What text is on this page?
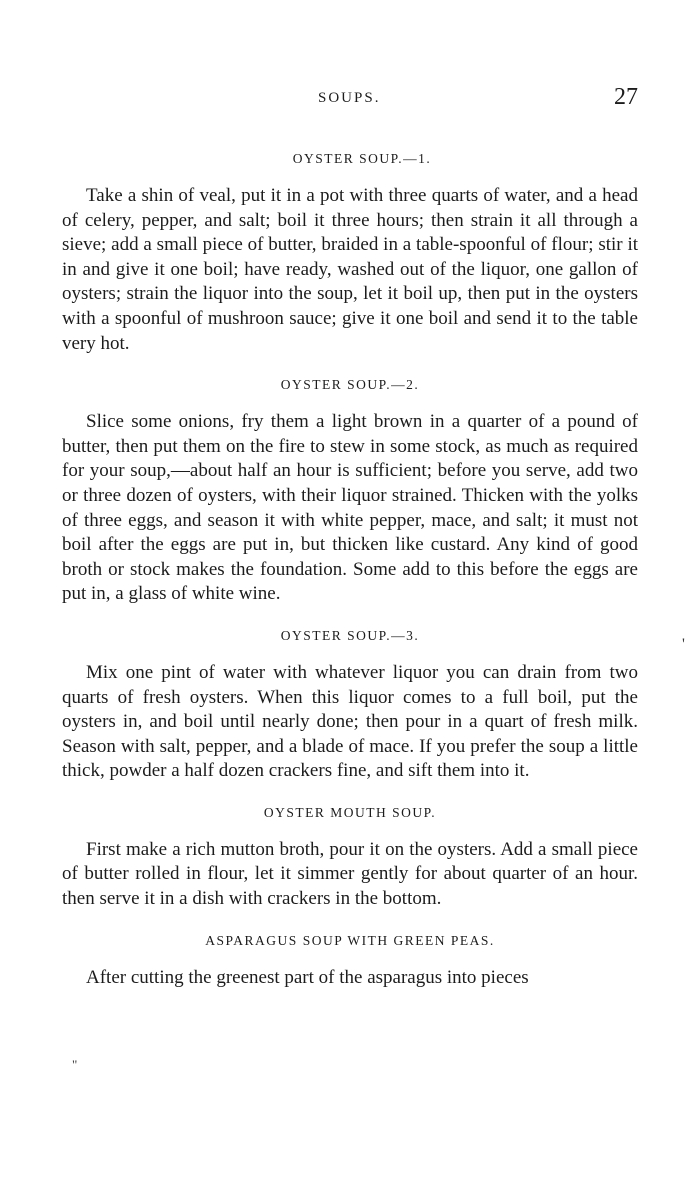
SOUPS.	27
OYSTER SOUP.—1.

Take a shin of veal, put it in a pot with three quarts of water, and a head of celery, pepper, and salt; boil it three hours; then strain it all through a sieve; add a small piece of butter, braided in a table-spoonful of flour; stir it in and give it one boil; have ready, washed out of the liquor, one gallon of oysters; strain the liquor into the soup, let it boil up, then put in the oysters with a spoonful of mushroon sauce; give it one boil and send it to the table very hot.

OYSTER SOUP.—2.

Slice some onions, fry them a light brown in a quarter of a pound of butter, then put them on the fire to stew in some stock, as much as required for your soup,—about half an hour is sufficient; before you serve, add two or three dozen of oysters, with their liquor strained. Thicken with the yolks of three eggs, and season it with white pepper, mace, and salt; it must not boil after the eggs are put in, but thicken like custard. Any kind of good broth or stock makes the foundation. Some add to this before the eggs are put in, a glass of white wine.

OYSTER SOUP.—3.

Mix one pint of water with whatever liquor you can drain from two quarts of fresh oysters. When this liquor comes to a full boil, put the oysters in, and boil until nearly done; then pour in a quart of fresh milk. Season with salt, pepper, and a blade of mace. If you prefer the soup a little thick, powder a half dozen crackers fine, and sift them into it.

OYSTER MOUTH SOUP.

First make a rich mutton broth, pour it on the oysters. Add a small piece of butter rolled in flour, let it simmer gently for about quarter of an hour. then serve it in a dish with crackers in the bottom.

ASPARAGUS SOUP WITH GREEN PEAS.

After cutting the greenest part of the asparagus into pieces

'
"
